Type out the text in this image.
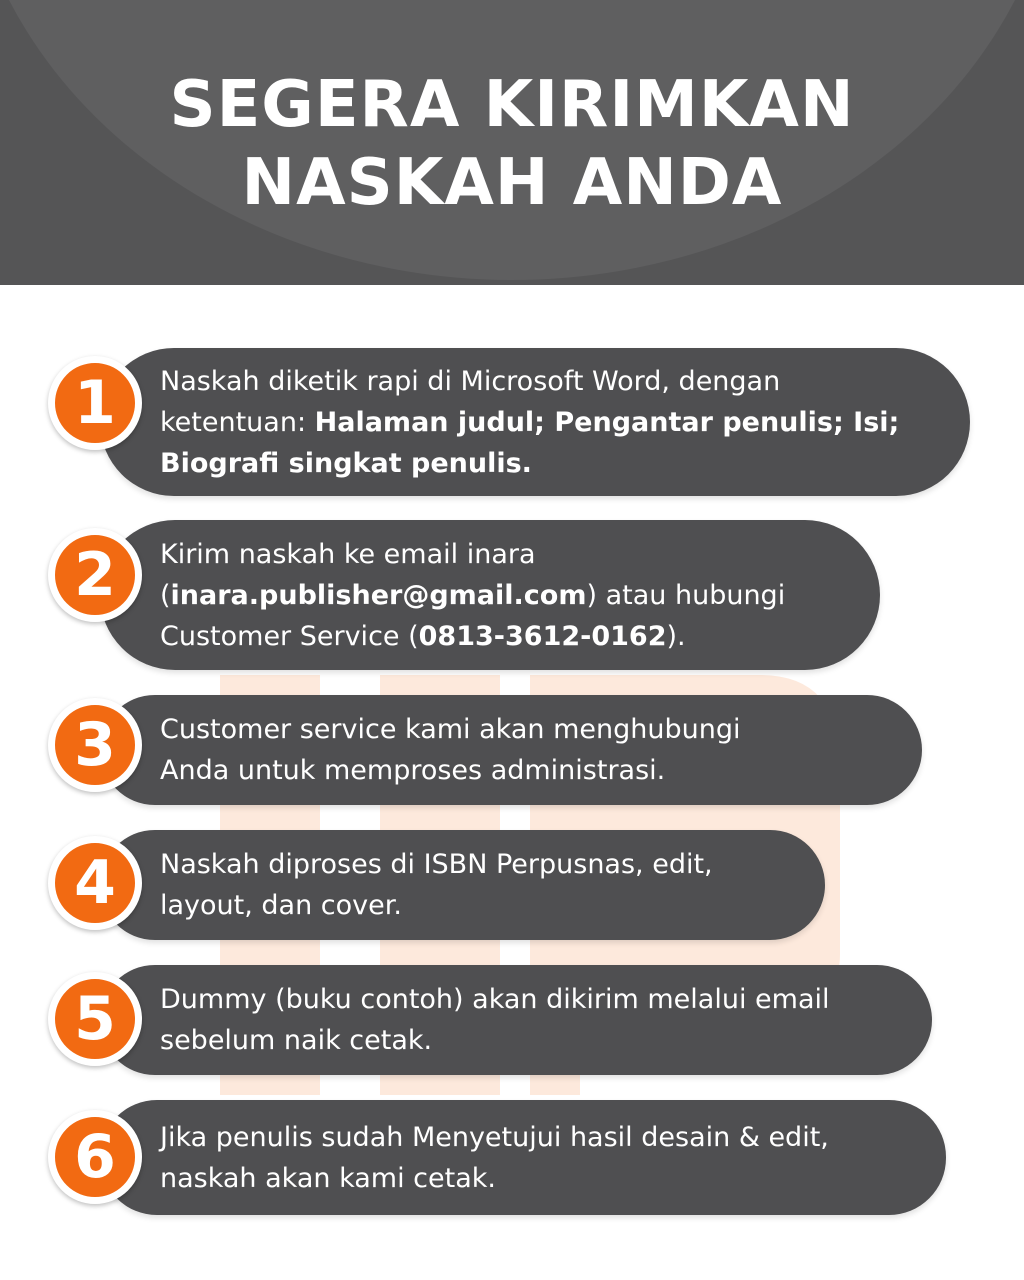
SEGERA KIRIMKAN
NASKAH ANDA
Naskah diketik rapi di Microsoft Word, dengan
ketentuan: Halaman judul; Pengantar penulis; Isi;
Biografi singkat penulis.
1
Kirim naskah ke email inara
(inara.publisher@gmail.com) atau hubungi
Customer Service (0813-3612-0162).
2
Customer service kami akan menghubungi
Anda untuk memproses administrasi.
3
Naskah diproses di ISBN Perpusnas, edit,
layout, dan cover.
4
Dummy (buku contoh) akan dikirim melalui email
sebelum naik cetak.
5
Jika penulis sudah Menyetujui hasil desain & edit,
naskah akan kami cetak.
6
